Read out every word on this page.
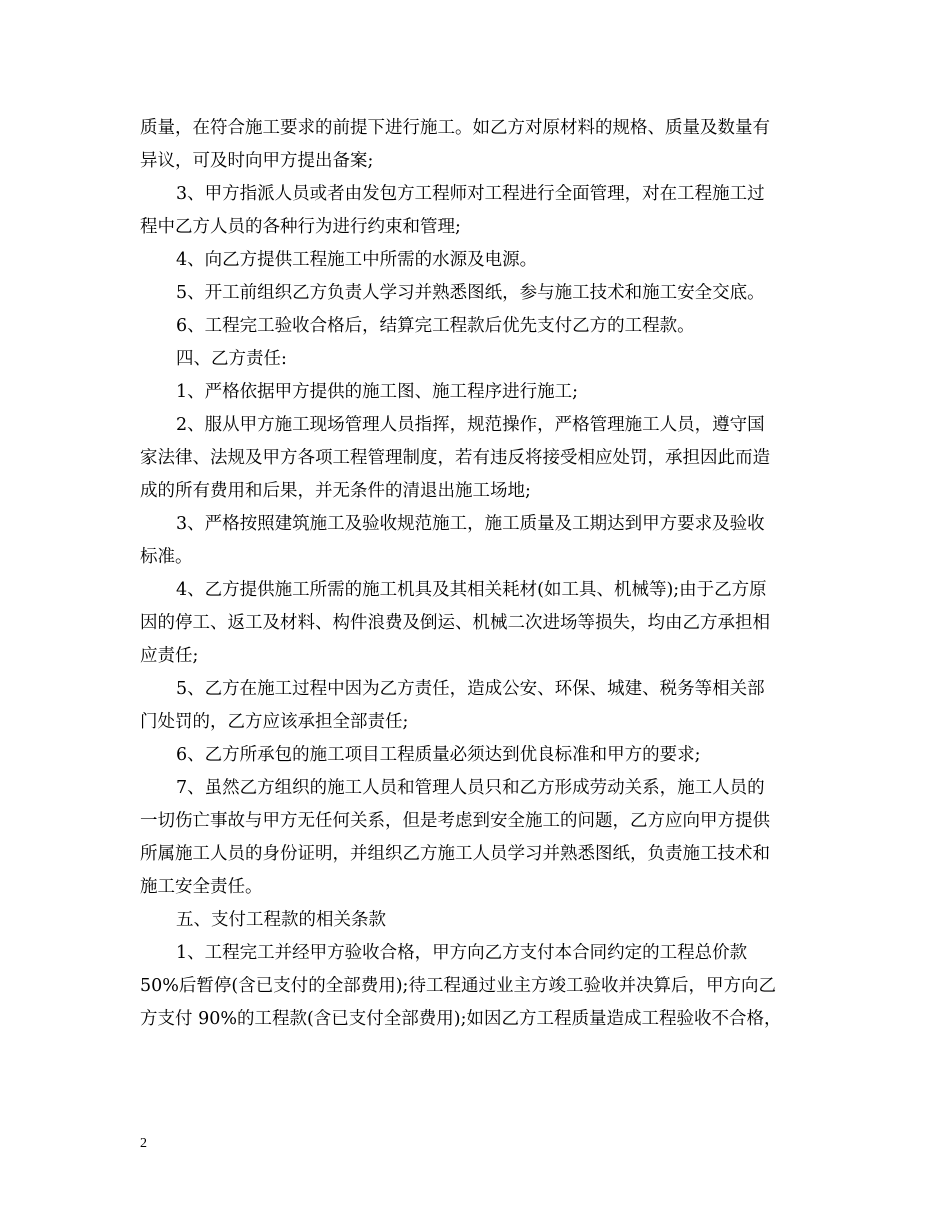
质量，在符合施工要求的前提下进行施工。如乙方对原材料的规格、质量及数量有
异议，可及时向甲方提出备案;
3、甲方指派人员或者由发包方工程师对工程进行全面管理，对在工程施工过
程中乙方人员的各种行为进行约束和管理;
4、向乙方提供工程施工中所需的水源及电源。
5、开工前组织乙方负责人学习并熟悉图纸，参与施工技术和施工安全交底。
6、工程完工验收合格后，结算完工程款后优先支付乙方的工程款。
四、乙方责任:
1、严格依据甲方提供的施工图、施工程序进行施工;
2、服从甲方施工现场管理人员指挥，规范操作，严格管理施工人员，遵守国
家法律、法规及甲方各项工程管理制度，若有违反将接受相应处罚，承担因此而造
成的所有费用和后果，并无条件的清退出施工场地;
3、严格按照建筑施工及验收规范施工，施工质量及工期达到甲方要求及验收
标准。
4、乙方提供施工所需的施工机具及其相关耗材(如工具、机械等);由于乙方原
因的停工、返工及材料、构件浪费及倒运、机械二次进场等损失，均由乙方承担相
应责任;
5、乙方在施工过程中因为乙方责任，造成公安、环保、城建、税务等相关部
门处罚的，乙方应该承担全部责任;
6、乙方所承包的施工项目工程质量必须达到优良标准和甲方的要求;
7、虽然乙方组织的施工人员和管理人员只和乙方形成劳动关系，施工人员的
一切伤亡事故与甲方无任何关系，但是考虑到安全施工的问题，乙方应向甲方提供
所属施工人员的身份证明，并组织乙方施工人员学习并熟悉图纸，负责施工技术和
施工安全责任。
五、支付工程款的相关条款
1、工程完工并经甲方验收合格，甲方向乙方支付本合同约定的工程总价款
50%后暂停(含已支付的全部费用);待工程通过业主方竣工验收并决算后，甲方向乙
方支付 90%的工程款(含已支付全部费用);如因乙方工程质量造成工程验收不合格，
2
